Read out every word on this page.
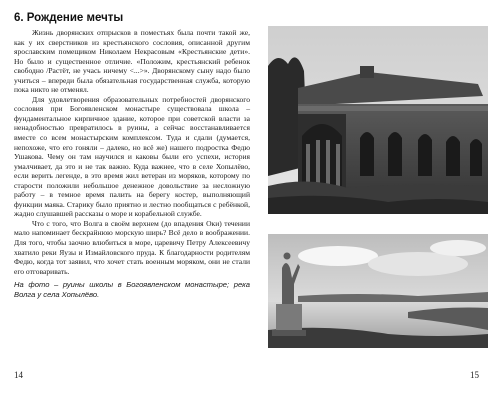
6. Рождение мечты

Жизнь дворянских отпрысков в поместьях была почти такой же, как у их сверстников из крестьянского сословия, описанной другим ярославским помещиком Николаем Некрасовым «Крестьянские дети». Но было и существенное отличие. «Положим, крестьянский ребенок свободно /Растёт, не учась ничему <...>». Дворянскому сыну надо было учиться – впереди была обязательная государственная служба, которую пока никто не отменял.

Для удовлетворения образовательных потребностей дворянского сословия при Богоявленском монастыре существовала школа – фундаментальное кирпичное здание, которое при советской власти за ненадобностью превратилось в руины, а сейчас восстанавливается вместе со всем монастырским комплексом. Туда и сдали (думается, непохоже, что его гоняли – далеко, но всё же) нашего подростка Федю Ушакова. Чему он там научился и каковы были его успехи, история умалчивает, да это и не так важно. Куда важнее, что в селе Хопылёво, если верить легенде, в это время жил ветеран из моряков, которому по старости положили небольшое денежное довольствие за несложную работу – в темное время палить на берегу костер, выполняющий функции маяка. Старику было приятно и лестно пообщаться с ребёнкой, жадно слушавшей рассказы о море и корабельной службе.

Что с того, что Волга в своём верхнем (до впадения Оки) течении мало напоминает бескрайнюю морскую ширь? Всё дело в воображении. Для того, чтобы заочно влюбиться в море, царевичу Петру Алексеевичу хватило реки Яузы и Измайловского пруда. К благодарности родителям Федю, когда тот заявил, что хочет стать военным моряком, они не стали его отговаривать.

На фото – руины школы в Богоявленском монастыре; река Волга у села Хопылёво.

14	15
